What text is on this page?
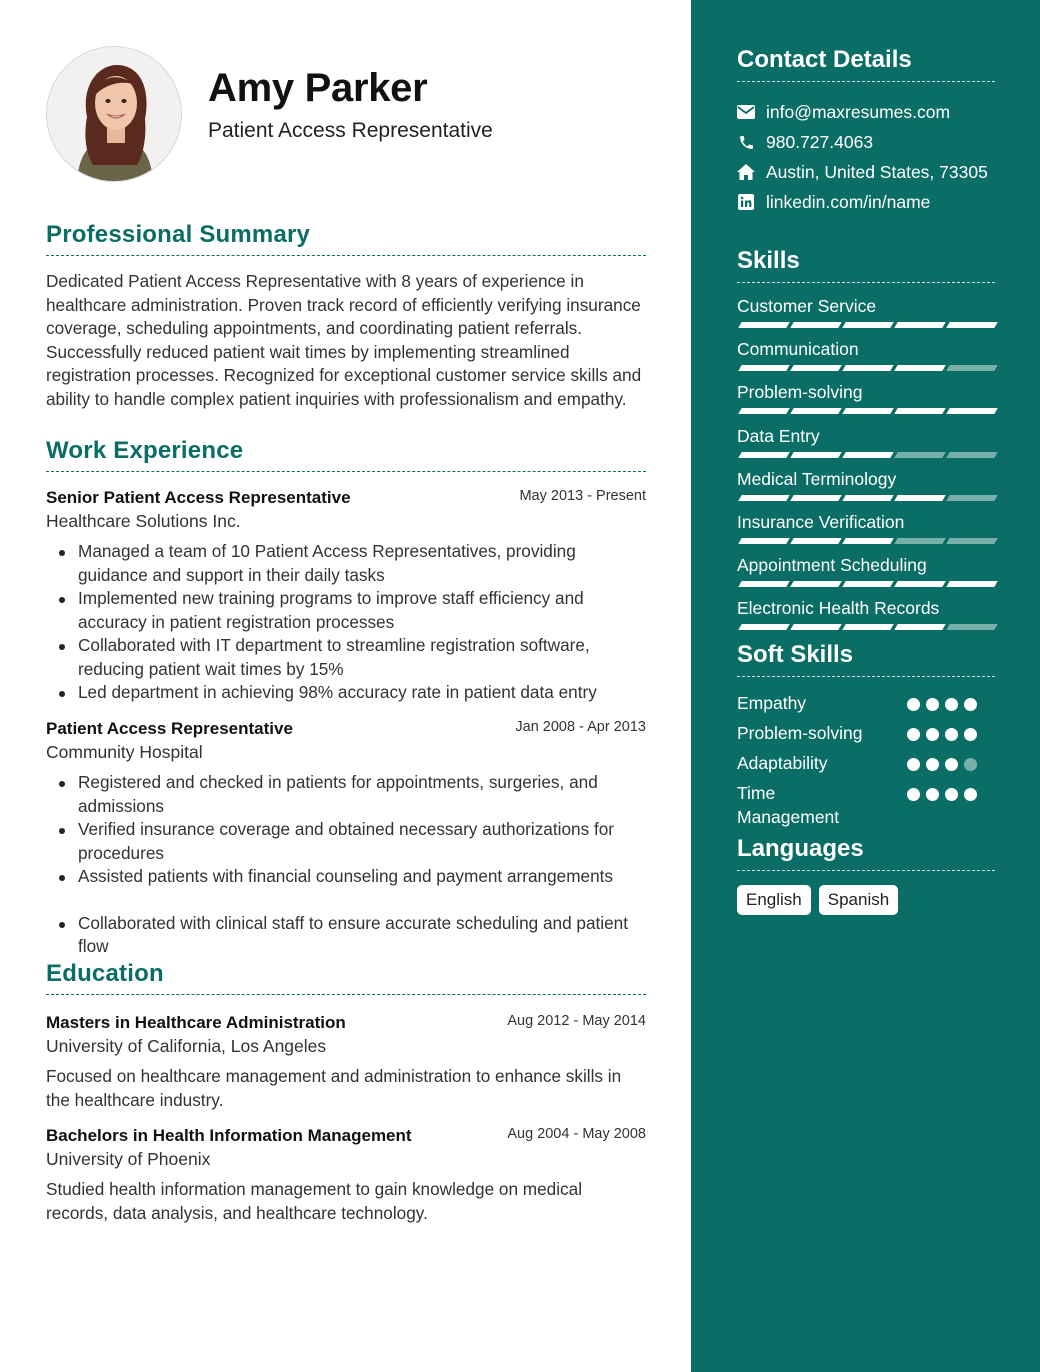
Amy Parker
Patient Access Representative
Professional Summary
Dedicated Patient Access Representative with 8 years of experience in healthcare administration. Proven track record of efficiently verifying insurance coverage, scheduling appointments, and coordinating patient referrals. Successfully reduced patient wait times by implementing streamlined registration processes. Recognized for exceptional customer service skills and ability to handle complex patient inquiries with professionalism and empathy.
Work Experience
Senior Patient Access Representative	May 2013 - Present
Healthcare Solutions Inc.
Managed a team of 10 Patient Access Representatives, providing guidance and support in their daily tasks
Implemented new training programs to improve staff efficiency and accuracy in patient registration processes
Collaborated with IT department to streamline registration software, reducing patient wait times by 15%
Led department in achieving 98% accuracy rate in patient data entry
Patient Access Representative	Jan 2008 - Apr 2013
Community Hospital
Registered and checked in patients for appointments, surgeries, and admissions
Verified insurance coverage and obtained necessary authorizations for procedures
Assisted patients with financial counseling and payment arrangements
Collaborated with clinical staff to ensure accurate scheduling and patient flow
Education
Masters in Healthcare Administration	Aug 2012 - May 2014
University of California, Los Angeles
Focused on healthcare management and administration to enhance skills in the healthcare industry.
Bachelors in Health Information Management	Aug 2004 - May 2008
University of Phoenix
Studied health information management to gain knowledge on medical records, data analysis, and healthcare technology.
Contact Details
info@maxresumes.com
980.727.4063
Austin, United States, 73305
linkedin.com/in/name
Skills
Customer Service
Communication
Problem-solving
Data Entry
Medical Terminology
Insurance Verification
Appointment Scheduling
Electronic Health Records
Soft Skills
Empathy
Problem-solving
Adaptability
Time Management
Languages
English	Spanish
